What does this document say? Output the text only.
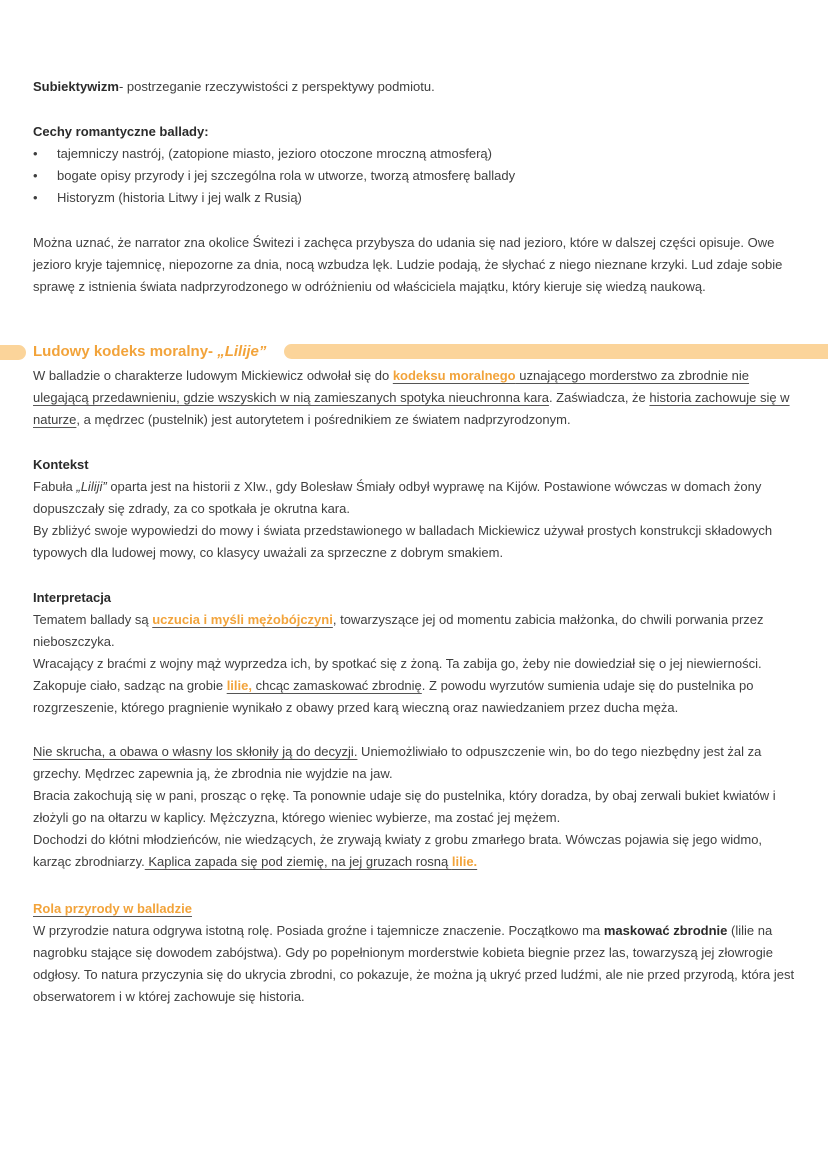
Subiektywizm- postrzeganie rzeczywistości z perspektywy podmiotu.

Cechy romantyczne ballady:

• tajemniczy nastrój, (zatopione miasto, jezioro otoczone mroczną atmosferą)
• bogate opisy przyrody i jej szczególna rola w utworze, tworzą atmosferę ballady
• Historyzm (historia Litwy i jej walk z Rusią)

Można uznać, że narrator zna okolice Świtezi i zachęca przybysza do udania się nad jezioro, które w dalszej części opisuje. Owe jezioro kryje tajemnicę, niepozorne za dnia, nocą wzbudza lęk. Ludzie podają, że słychać z niego nieznane krzyki. Lud zdaje sobie sprawę z istnienia świata nadprzyrodzonego w odróżnieniu od właściciela majątku, który kieruje się wiedzą naukową.

Ludowy kodeks moralny- „Lilije”

W balladzie o charakterze ludowym Mickiewicz odwołał się do kodeksu moralnego uznającego morderstwo za zbrodnie nie ulegającą przedawnieniu, gdzie wszyskich w nią zamieszanych spotyka nieuchronna kara. Zaświadcza, że historia zachowuje się w naturze, a mędrzec (pustelnik) jest autorytetem i pośrednikiem ze światem nadprzyrodzonym.

Kontekst

Fabuła „Liliji” oparta jest na historii z XIw., gdy Bolesław Śmiały odbył wyprawę na Kijów. Postawione wówczas w domach żony dopuszczały się zdrady, za co spotkała je okrutna kara.

By zbliżyć swoje wypowiedzi do mowy i świata przedstawionego w balladach Mickiewicz używał prostych konstrukcji składowych typowych dla ludowej mowy, co klasycy uważali za sprzeczne z dobrym smakiem.

Interpretacja

Tematem ballady są uczucia i myśli mężobójczyni, towarzyszące jej od momentu zabicia małżonka, do chwili porwania przez nieboszczyka.

Wracający z braćmi z wojny mąż wyprzedza ich, by spotkać się z żoną. Ta zabija go, żeby nie dowiedział się o jej niewierności. Zakopuje ciało, sadząc na grobie lilie, chcąc zamaskować zbrodnię. Z powodu wyrzutów sumienia udaje się do pustelnika po rozgrzeszenie, którego pragnienie wynikało z obawy przed karą wieczną oraz nawiedzaniem przez ducha męża.

Nie skrucha, a obawa o własny los skłoniły ją do decyzji. Uniemożliwiało to odpuszczenie win, bo do tego niezbędny jest żal za grzechy. Mędrzec zapewnia ją, że zbrodnia nie wyjdzie na jaw.

Bracia zakochują się w pani, prosząc o rękę. Ta ponownie udaje się do pustelnika, który doradza, by obaj zerwali bukiet kwiatów i złożyli go na ołtarzu w kaplicy. Mężczyzna, którego wieniec wybierze, ma zostać jej mężem.

Dochodzi do kłótni młodzieńców, nie wiedzących, że zrywają kwiaty z grobu zmarłego brata. Wówczas pojawia się jego widmo, karząc zbrodniarzy. Kaplica zapada się pod ziemię, na jej gruzach rosną lilie.

Rola przyrody w balladzie

W przyrodzie natura odgrywa istotną rolę. Posiada groźne i tajemnicze znaczenie. Początkowo ma maskować zbrodnie (lilie na nagrobku stające się dowodem zabójstwa). Gdy po popełnionym morderstwie kobieta biegnie przez las, towarzyszą jej złowrogie odgłosy. To natura przyczynia się do ukrycia zbrodni, co pokazuje, że można ją ukryć przed ludźmi, ale nie przed przyrodą, która jest obserwatorem i w której zachowuje się historia.
